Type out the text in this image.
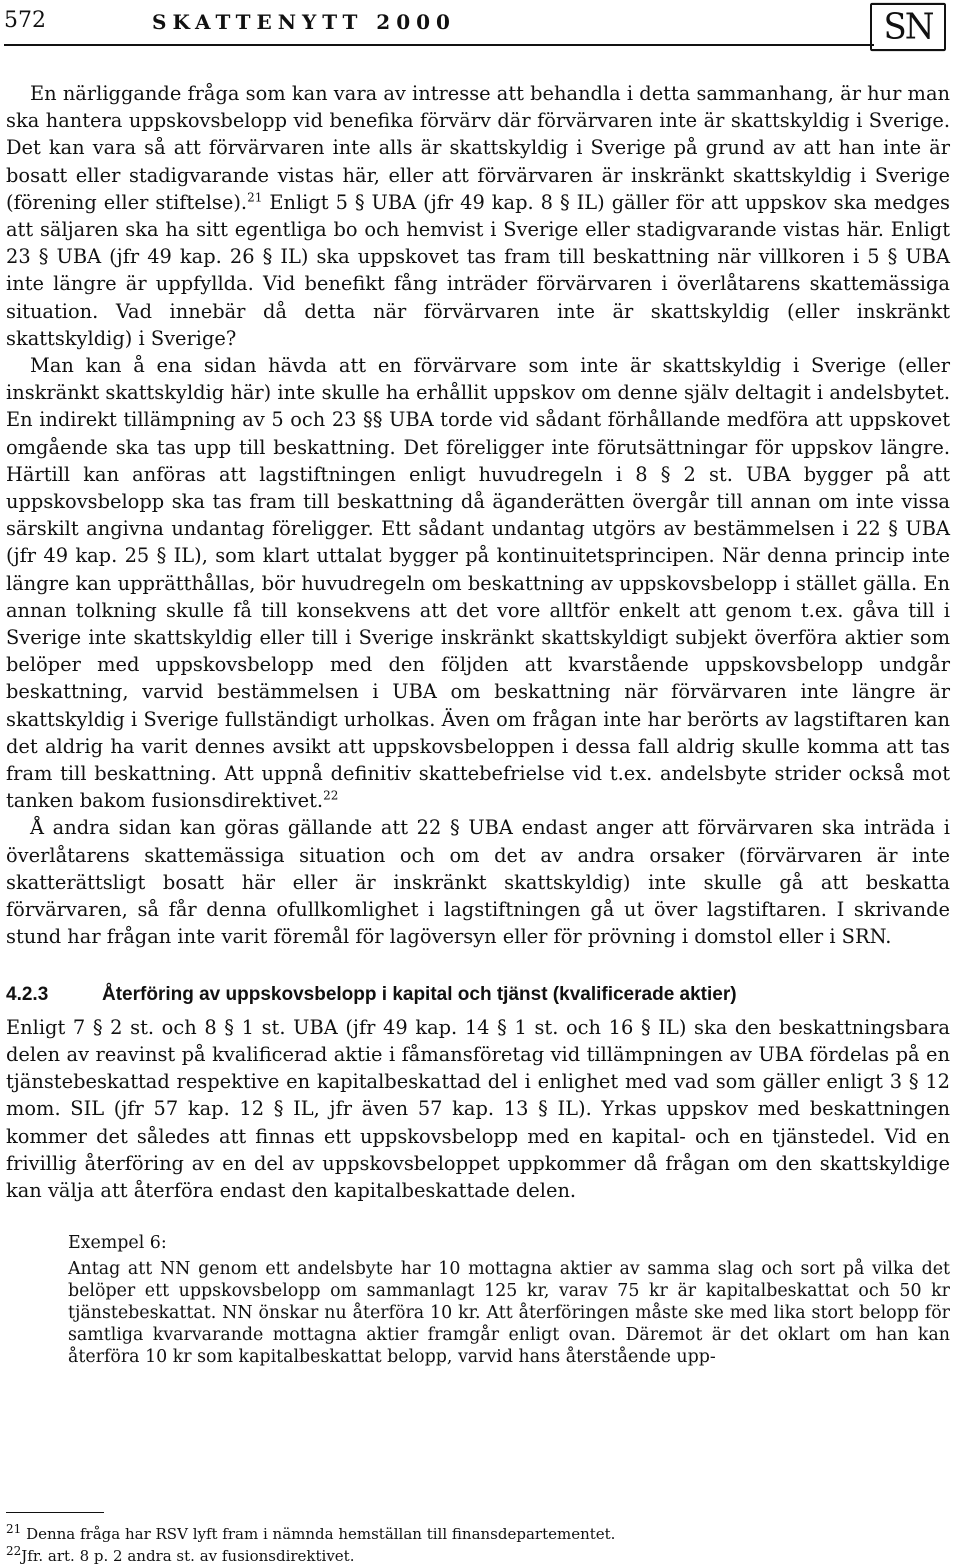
572	SKATTENYTT 2000	SN

En närliggande fråga som kan vara av intresse att behandla i detta sammanhang, är hur man ska hantera uppskovsbelopp vid benefika förvärv där förvärvaren inte är skattskyldig i Sverige. Det kan vara så att förvärvaren inte alls är skattskyldig i Sverige på grund av att han inte är bosatt eller stadigvarande vistas här, eller att förvärvaren är inskränkt skattskyldig i Sverige (förening eller stiftelse).$^{21}$ Enligt 5 § UBA (jfr 49 kap. 8 § IL) gäller för att uppskov ska medges att säljaren ska ha sitt egentliga bo och hemvist i Sverige eller stadigvarande vistas här. Enligt 23 § UBA (jfr 49 kap. 26 § IL) ska uppskovet tas fram till beskattning när villkoren i 5 § UBA inte längre är uppfyllda. Vid benefikt fång inträder förvärvaren i överlåtarens skattemässiga situation. Vad innebär då detta när förvärvaren inte är skattskyldig (eller inskränkt skattskyldig) i Sverige?

Man kan å ena sidan hävda att en förvärvare som inte är skattskyldig i Sverige (eller inskränkt skattskyldig här) inte skulle ha erhållit uppskov om denne själv deltagit i andelsbytet. En indirekt tillämpning av 5 och 23 §§ UBA torde vid sådant förhållande medföra att uppskovet omgående ska tas upp till beskattning. Det föreligger inte förutsättningar för uppskov längre. Härtill kan anföras att lagstiftningen enligt huvudregeln i 8 § 2 st. UBA bygger på att uppskovsbelopp ska tas fram till beskattning då äganderätten övergår till annan om inte vissa särskilt angivna undantag föreligger. Ett sådant undantag utgörs av bestämmelsen i 22 § UBA (jfr 49 kap. 25 § IL), som klart uttalat bygger på kontinuitetsprincipen. När denna princip inte längre kan upprätthållas, bör huvudregeln om beskattning av uppskovsbelopp i stället gälla. En annan tolkning skulle få till konsekvens att det vore alltför enkelt att genom t.ex. gåva till i Sverige inte skattskyldig eller till i Sverige inskränkt skattskyldigt subjekt överföra aktier som belöper med uppskovsbelopp med den följden att kvarstående uppskovsbelopp undgår beskattning, varvid bestämmelsen i UBA om beskattning när förvärvaren inte längre är skattskyldig i Sverige fullständigt urholkas. Även om frågan inte har berörts av lagstiftaren kan det aldrig ha varit dennes avsikt att uppskovsbeloppen i dessa fall aldrig skulle komma att tas fram till beskattning. Att uppnå definitiv skattebefrielse vid t.ex. andelsbyte strider också mot tanken bakom fusionsdirektivet.$^{22}$

Å andra sidan kan göras gällande att 22 § UBA endast anger att förvärvaren ska inträda i överlåtarens skattemässiga situation och om det av andra orsaker (förvärvaren är inte skatterättsligt bosatt här eller är inskränkt skattskyldig) inte skulle gå att beskatta förvärvaren, så får denna ofullkomlighet i lagstiftningen gå ut över lagstiftaren. I skrivande stund har frågan inte varit föremål för lagöversyn eller för prövning i domstol eller i SRN.

4.2.3	Återföring av uppskovsbelopp i kapital och tjänst (kvalificerade aktier)

Enligt 7 § 2 st. och 8 § 1 st. UBA (jfr 49 kap. 14 § 1 st. och 16 § IL) ska den beskattningsbara delen av reavinst på kvalificerad aktie i fåmansföretag vid tillämpningen av UBA fördelas på en tjänstebeskattad respektive en kapitalbeskattad del i enlighet med vad som gäller enligt 3 § 12 mom. SIL (jfr 57 kap. 12 § IL, jfr även 57 kap. 13 § IL). Yrkas uppskov med beskattningen kommer det således att finnas ett uppskovsbelopp med en kapital- och en tjänstedel. Vid en frivillig återföring av en del av uppskovsbeloppet uppkommer då frågan om den skattskyldige kan välja att återföra endast den kapitalbeskattade delen.

Exempel 6:

Antag att NN genom ett andelsbyte har 10 mottagna aktier av samma slag och sort på vilka det belöper ett uppskovsbelopp om sammanlagt 125 kr, varav 75 kr är kapitalbeskattat och 50 kr tjänstebeskattat. NN önskar nu återföra 10 kr. Att återföringen måste ske med lika stort belopp för samtliga kvarvarande mottagna aktier framgår enligt ovan. Däremot är det oklart om han kan återföra 10 kr som kapitalbeskattat belopp, varvid hans återstående upp-

$^{21}$ Denna fråga har RSV lyft fram i nämnda hemställan till finansdepartementet.

$^{22}$Jfr. art. 8 p. 2 andra st. av fusionsdirektivet.
